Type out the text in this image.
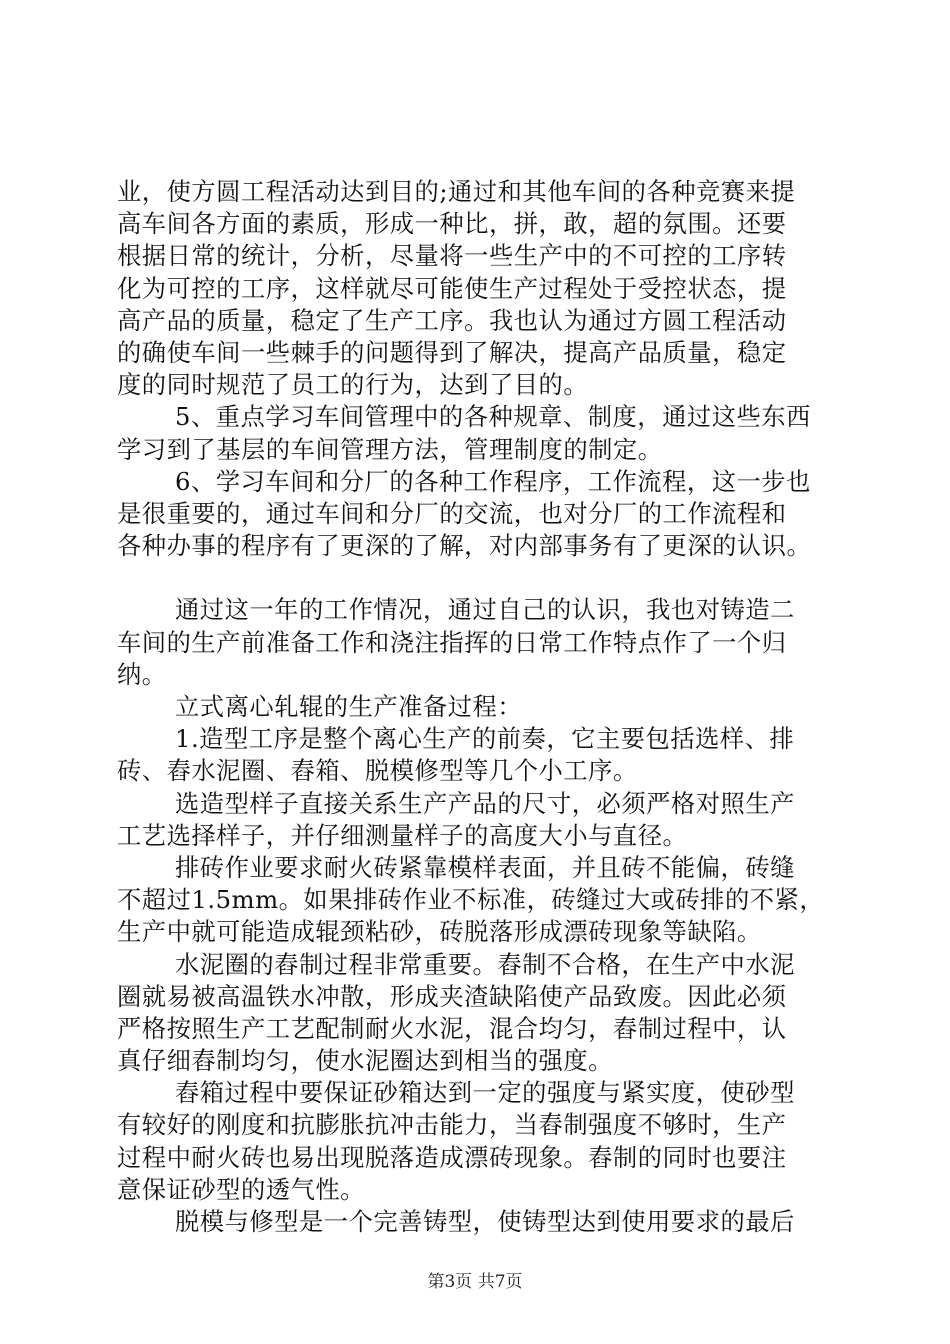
业，使方圆工程活动达到目的;通过和其他车间的各种竞赛来提
高车间各方面的素质，形成一种比，拼，敢，超的氛围。还要
根据日常的统计，分析，尽量将一些生产中的不可控的工序转
化为可控的工序，这样就尽可能使生产过程处于受控状态，提
高产品的质量，稳定了生产工序。我也认为通过方圆工程活动
的确使车间一些棘手的问题得到了解决，提高产品质量，稳定
度的同时规范了员工的行为，达到了目的。
5、重点学习车间管理中的各种规章、制度，通过这些东西
学习到了基层的车间管理方法，管理制度的制定。
6、学习车间和分厂的各种工作程序，工作流程，这一步也
是很重要的，通过车间和分厂的交流，也对分厂的工作流程和
各种办事的程序有了更深的了解，对内部事务有了更深的认识。
通过这一年的工作情况，通过自己的认识，我也对铸造二
车间的生产前准备工作和浇注指挥的日常工作特点作了一个归
纳。
立式离心轧辊的生产准备过程：
1.造型工序是整个离心生产的前奏，它主要包括选样、排
砖、舂水泥圈、舂箱、脱模修型等几个小工序。
选造型样子直接关系生产产品的尺寸，必须严格对照生产
工艺选择样子，并仔细测量样子的高度大小与直径。
排砖作业要求耐火砖紧靠模样表面，并且砖不能偏，砖缝
不超过1.5mm。如果排砖作业不标准，砖缝过大或砖排的不紧，
生产中就可能造成辊颈粘砂，砖脱落形成漂砖现象等缺陷。
水泥圈的舂制过程非常重要。舂制不合格，在生产中水泥
圈就易被高温铁水冲散，形成夹渣缺陷使产品致废。因此必须
严格按照生产工艺配制耐火水泥，混合均匀，舂制过程中，认
真仔细舂制均匀，使水泥圈达到相当的强度。
舂箱过程中要保证砂箱达到一定的强度与紧实度，使砂型
有较好的刚度和抗膨胀抗冲击能力，当舂制强度不够时，生产
过程中耐火砖也易出现脱落造成漂砖现象。舂制的同时也要注
意保证砂型的透气性。
脱模与修型是一个完善铸型，使铸型达到使用要求的最后
第3页 共7页
